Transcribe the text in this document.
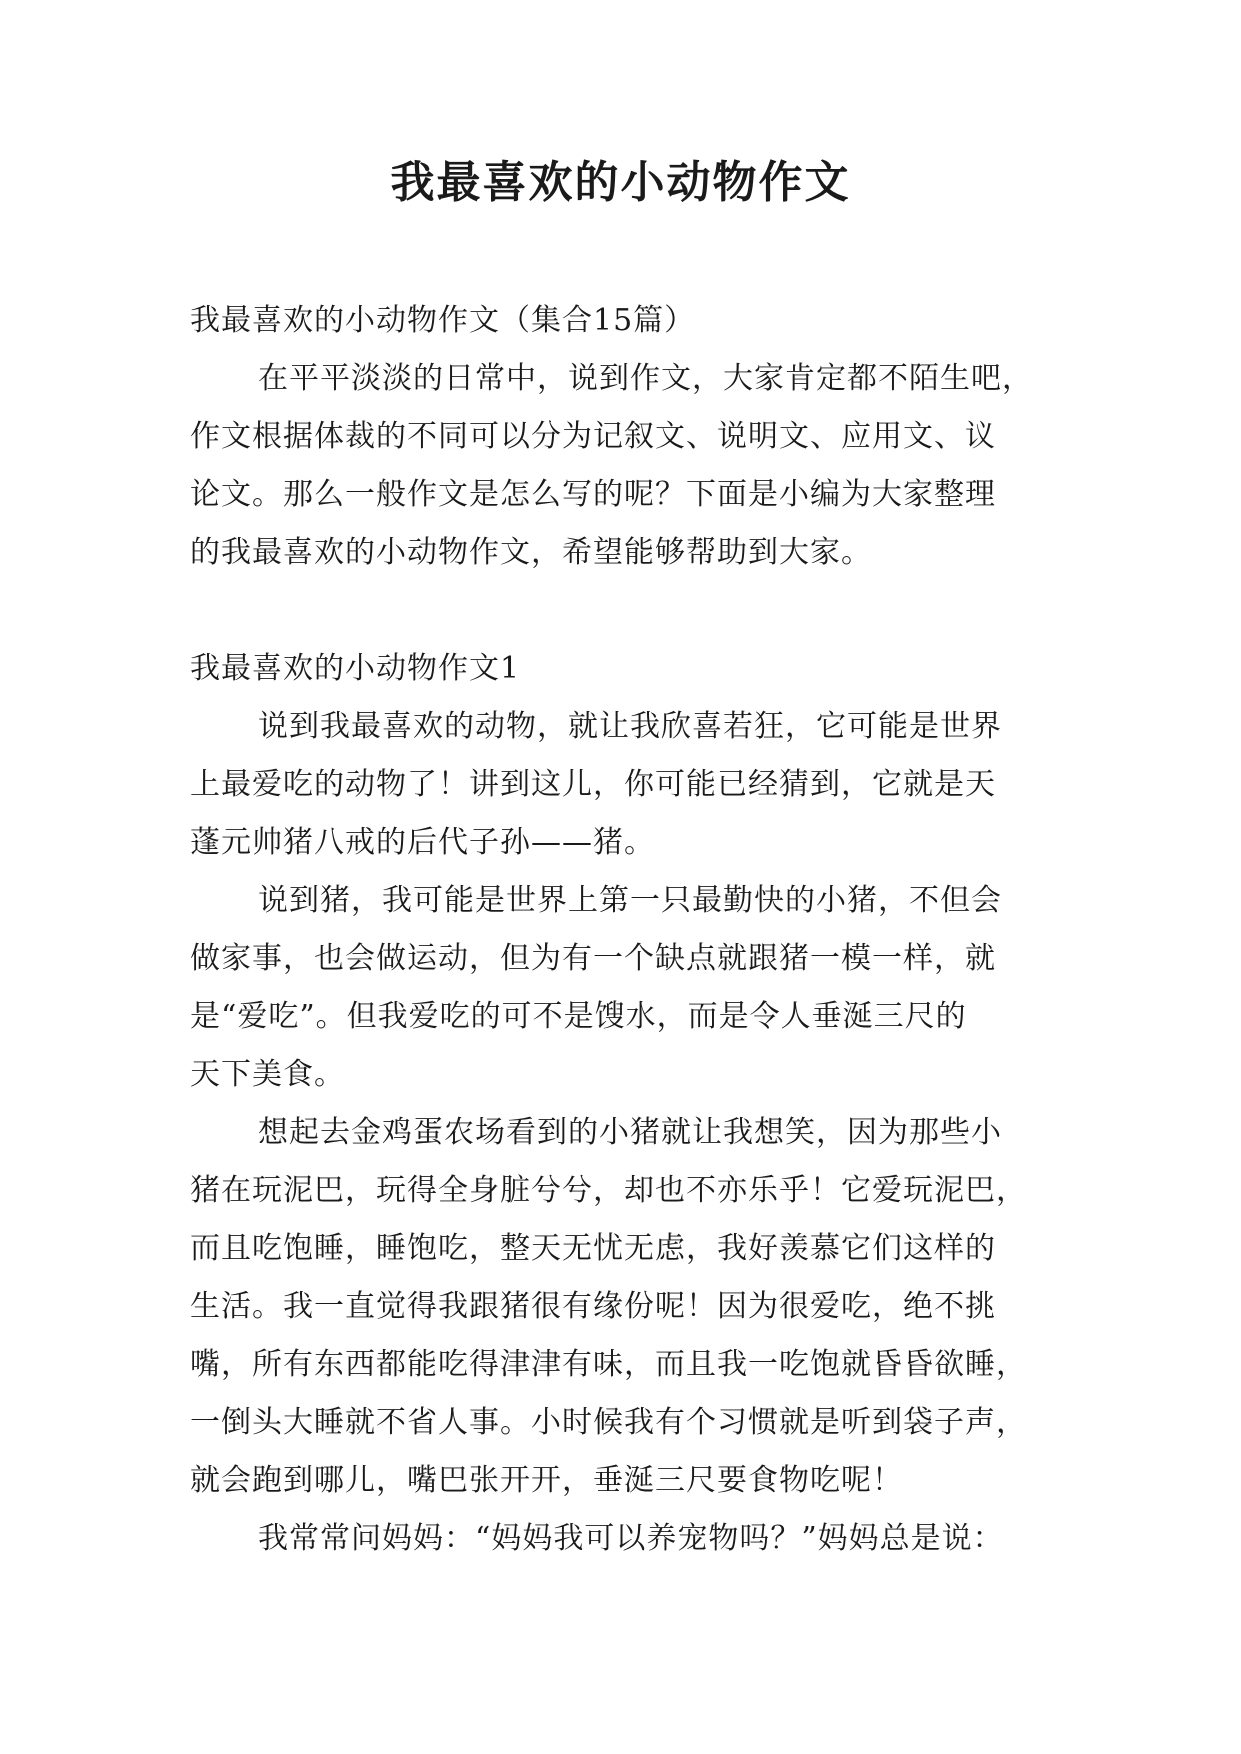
我最喜欢的小动物作文
我最喜欢的小动物作文（集合15篇）
在平平淡淡的日常中，说到作文，大家肯定都不陌生吧，
作文根据体裁的不同可以分为记叙文、说明文、应用文、议
论文。那么一般作文是怎么写的呢？下面是小编为大家整理
的我最喜欢的小动物作文，希望能够帮助到大家。
我最喜欢的小动物作文1
说到我最喜欢的动物，就让我欣喜若狂，它可能是世界
上最爱吃的动物了！讲到这儿，你可能已经猜到，它就是天
蓬元帅猪八戒的后代子孙——猪。
说到猪，我可能是世界上第一只最勤快的小猪，不但会
做家事，也会做运动，但为有一个缺点就跟猪一模一样，就
是“爱吃”。但我爱吃的可不是馊水，而是令人垂涎三尺的
天下美食。
想起去金鸡蛋农场看到的小猪就让我想笑，因为那些小
猪在玩泥巴，玩得全身脏兮兮，却也不亦乐乎！它爱玩泥巴，
而且吃饱睡，睡饱吃，整天无忧无虑，我好羡慕它们这样的
生活。我一直觉得我跟猪很有缘份呢！因为很爱吃，绝不挑
嘴，所有东西都能吃得津津有味，而且我一吃饱就昏昏欲睡，
一倒头大睡就不省人事。小时候我有个习惯就是听到袋子声，
就会跑到哪儿，嘴巴张开开，垂涎三尺要食物吃呢！
我常常问妈妈：“妈妈我可以养宠物吗？”妈妈总是说：
